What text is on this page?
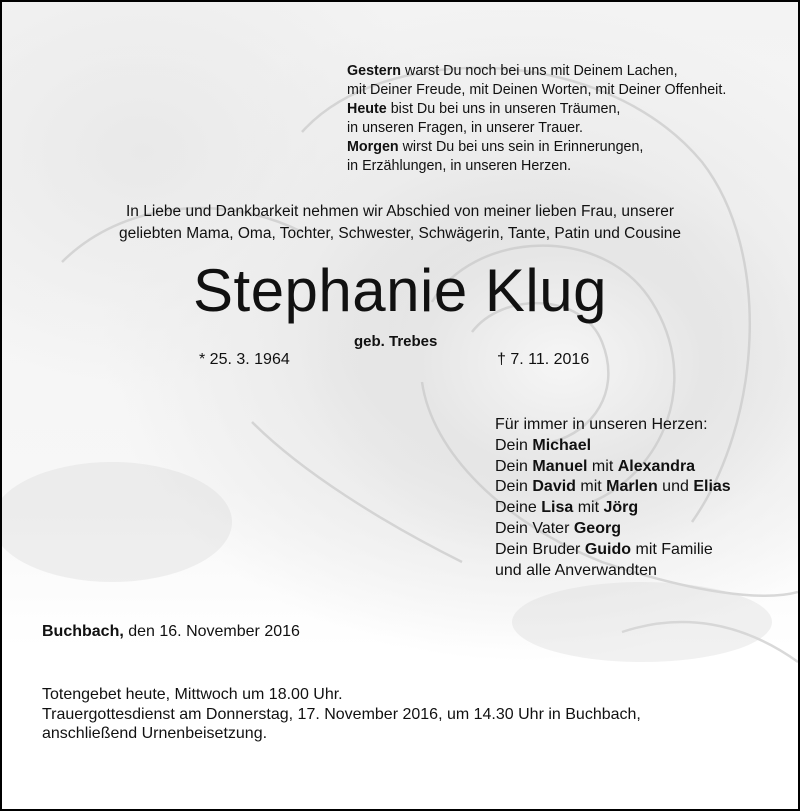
Gestern warst Du noch bei uns mit Deinem Lachen,
mit Deiner Freude, mit Deinen Worten, mit Deiner Offenheit.
Heute bist Du bei uns in unseren Träumen,
in unseren Fragen, in unserer Trauer.
Morgen wirst Du bei uns sein in Erinnerungen,
in Erzählungen, in unseren Herzen.
In Liebe und Dankbarkeit nehmen wir Abschied von meiner lieben Frau, unserer
geliebten Mama, Oma, Tochter, Schwester, Schwägerin, Tante, Patin und Cousine
Stephanie Klug
geb. Trebes
* 25. 3. 1964	† 7. 11. 2016
Für immer in unseren Herzen:
Dein Michael
Dein Manuel mit Alexandra
Dein David mit Marlen und Elias
Deine Lisa mit Jörg
Dein Vater Georg
Dein Bruder Guido mit Familie
und alle Anverwandten
Buchbach, den 16. November 2016
Totengebet heute, Mittwoch um 18.00 Uhr.
Trauergottesdienst am Donnerstag, 17. November 2016, um 14.30 Uhr in Buchbach,
anschließend Urnenbeisetzung.
